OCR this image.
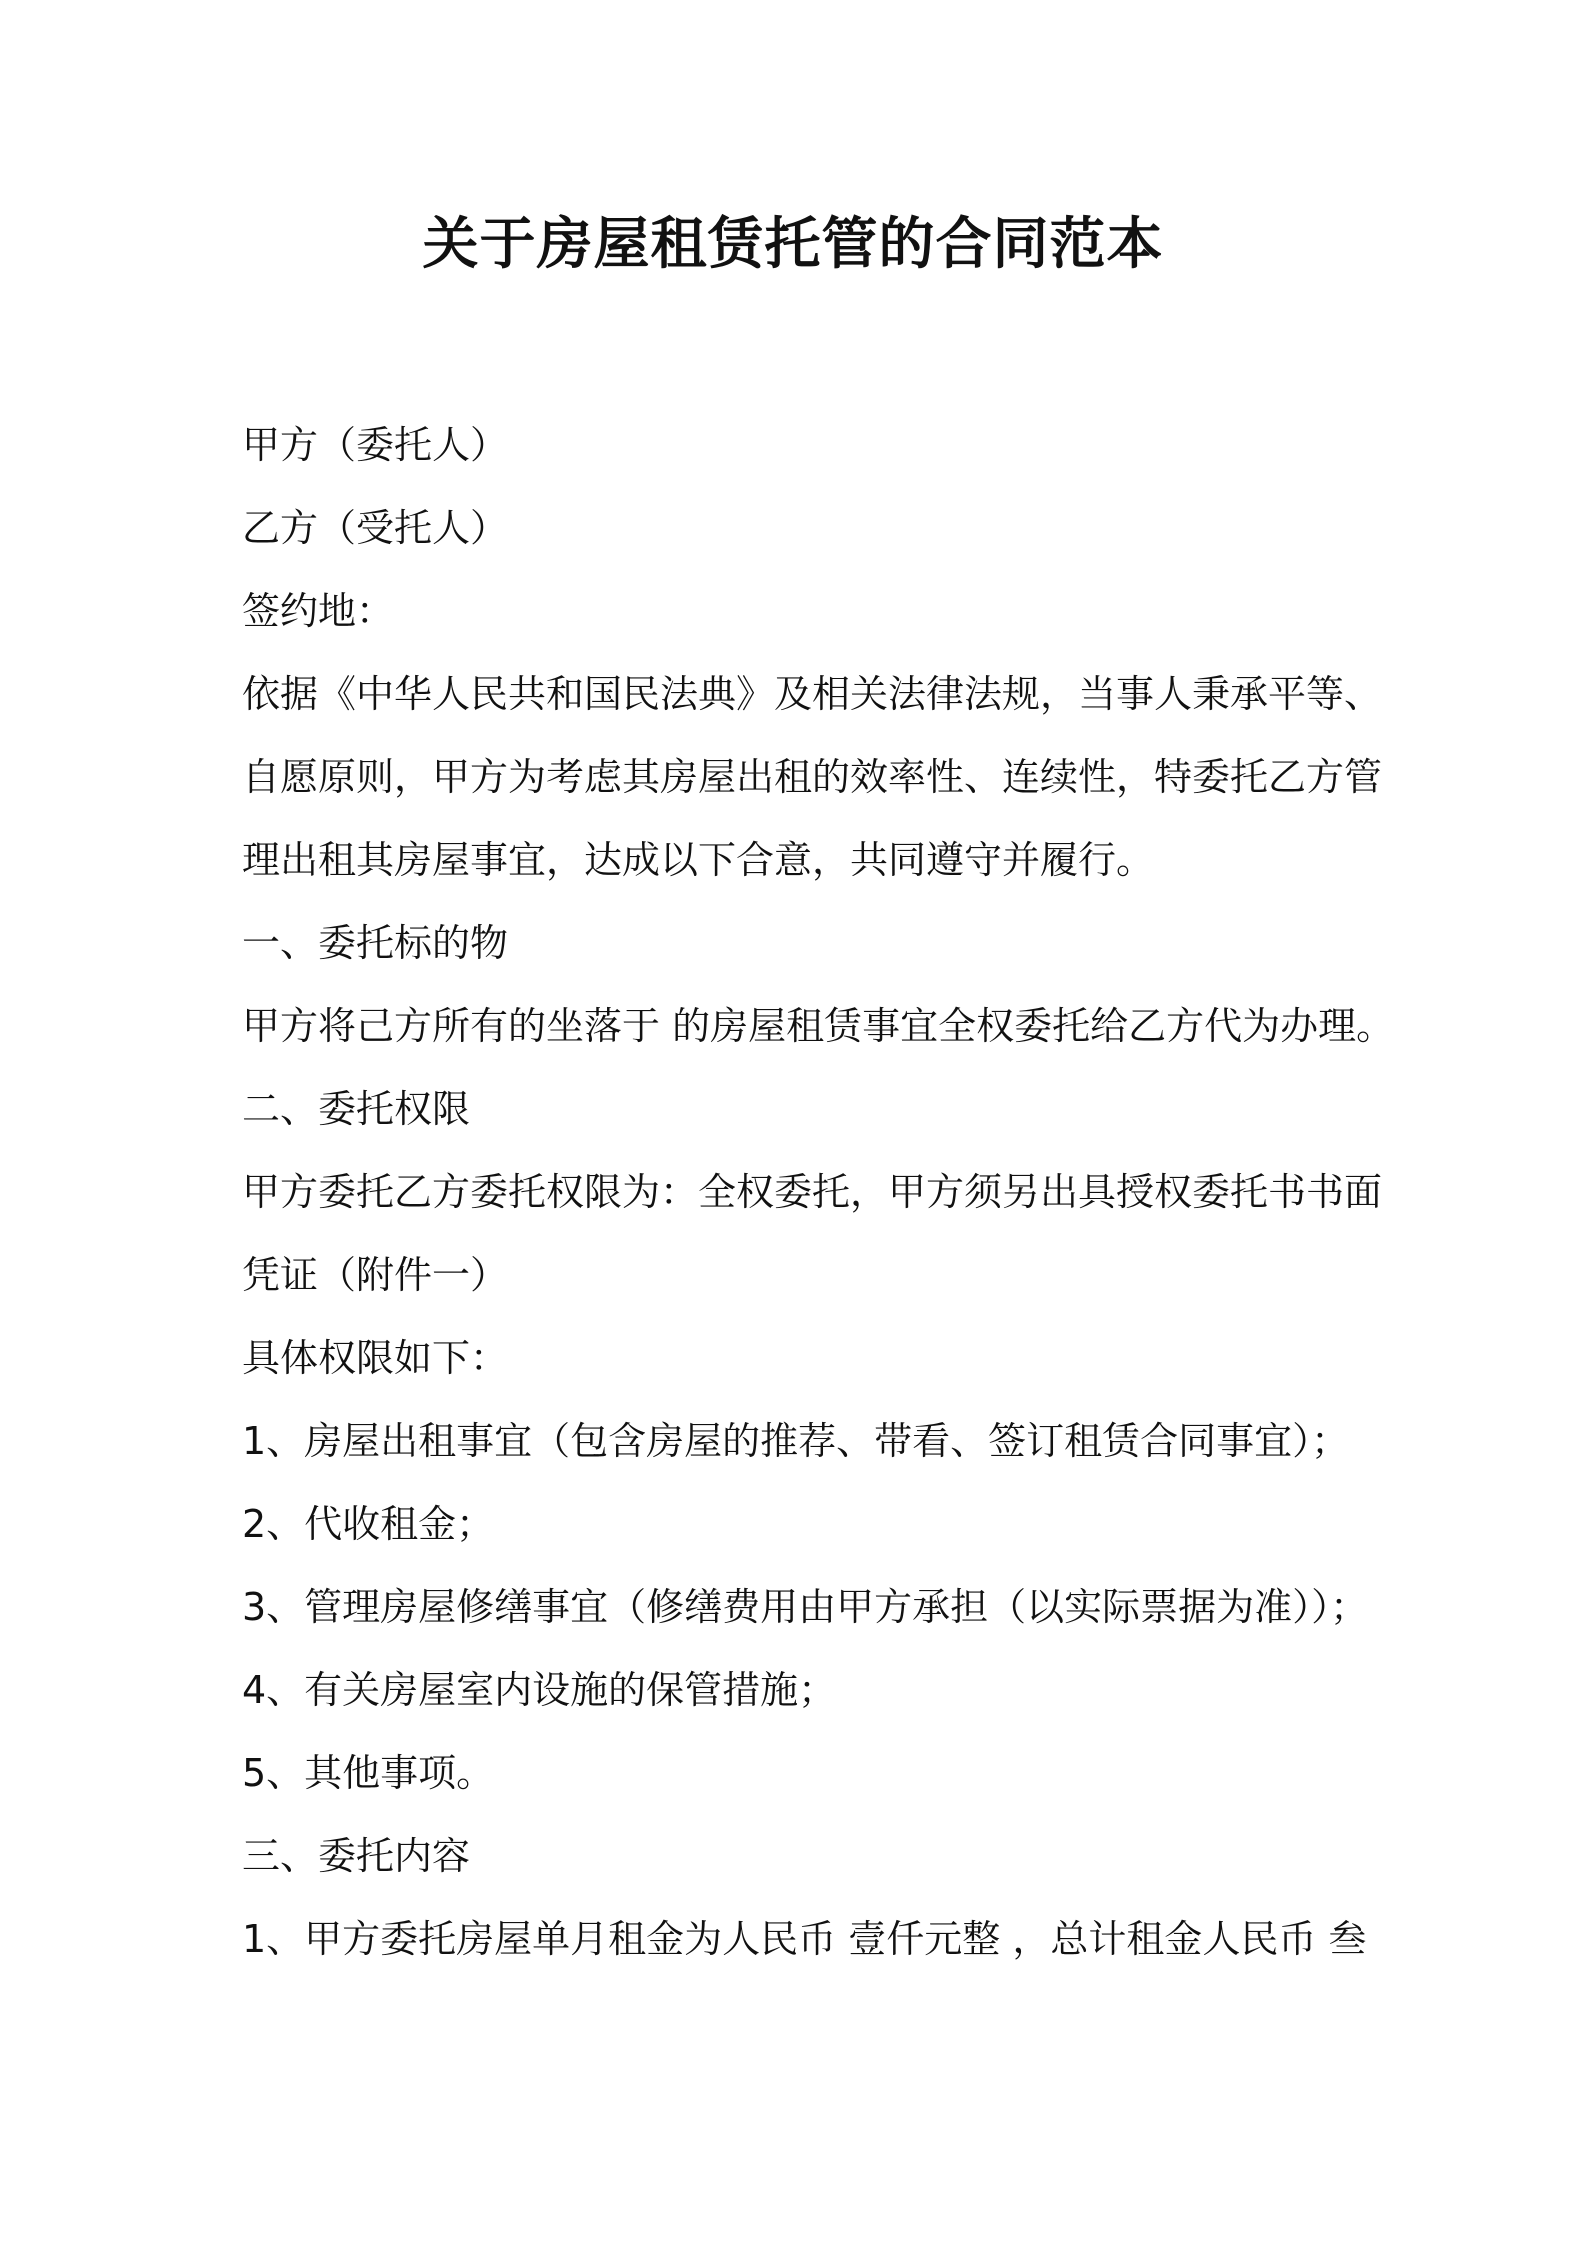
关于房屋租赁托管的合同范本

甲方（委托人）

乙方（受托人）

签约地：

依据《中华人民共和国民法典》及相关法律法规，当事人秉承平等、

自愿原则，甲方为考虑其房屋出租的效率性、连续性，特委托乙方管

理出租其房屋事宜，达成以下合意，共同遵守并履行。

一、委托标的物

甲方将己方所有的坐落于 的房屋租赁事宜全权委托给乙方代为办理。

二、委托权限

甲方委托乙方委托权限为：全权委托，甲方须另出具授权委托书书面

凭证（附件一）

具体权限如下：

1、房屋出租事宜（包含房屋的推荐、带看、签订租赁合同事宜）；

2、代收租金；

3、管理房屋修缮事宜（修缮费用由甲方承担（以实际票据为准））；

4、有关房屋室内设施的保管措施；

5、其他事项。

三、委托内容

1、甲方委托房屋单月租金为人民币 壹仟元整 ，总计租金人民币 叁
